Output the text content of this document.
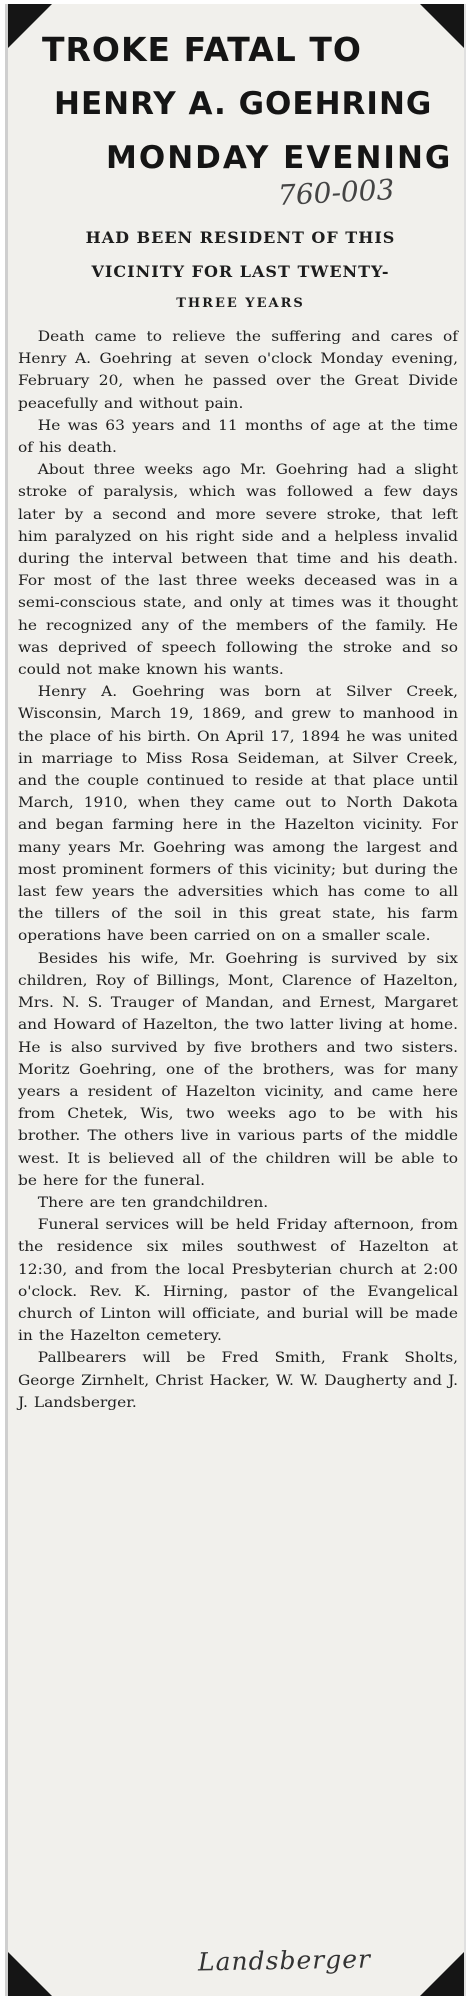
TROKE FATAL TO
HENRY A. GOEHRING
MONDAY EVENING
760-003
HAD BEEN RESIDENT OF THIS
VICINITY FOR LAST TWENTY-
THREE YEARS

Death came to relieve the suffering and cares of Henry A. Goehring at seven o'clock Monday evening, February 20, when he passed over the Great Divide peacefully and without pain.

He was 63 years and 11 months of age at the time of his death.

About three weeks ago Mr. Goehring had a slight stroke of paralysis, which was followed a few days later by a second and more severe stroke, that left him paralyzed on his right side and a helpless invalid during the interval between that time and his death. For most of the last three weeks deceased was in a semi-conscious state, and only at times was it thought he recognized any of the members of the family. He was deprived of speech following the stroke and so could not make known his wants.

Henry A. Goehring was born at Silver Creek, Wisconsin, March 19, 1869, and grew to manhood in the place of his birth. On April 17, 1894 he was united in marriage to Miss Rosa Seideman, at Silver Creek, and the couple continued to reside at that place until March, 1910, when they came out to North Dakota and began farming here in the Hazelton vicinity. For many years Mr. Goehring was among the largest and most prominent formers of this vicinity; but during the last few years the adversities which has come to all the tillers of the soil in this great state, his farm operations have been carried on on a smaller scale.

Besides his wife, Mr. Goehring is survived by six children, Roy of Billings, Mont, Clarence of Hazelton, Mrs. N. S. Trauger of Mandan, and Ernest, Margaret and Howard of Hazelton, the two latter living at home. He is also survived by five brothers and two sisters. Moritz Goehring, one of the brothers, was for many years a resident of Hazelton vicinity, and came here from Chetek, Wis, two weeks ago to be with his brother. The others live in various parts of the middle west. It is believed all of the children will be able to be here for the funeral.

There are ten grandchildren.

Funeral services will be held Friday afternoon, from the residence six miles southwest of Hazelton at 12:30, and from the local Presbyterian church at 2:00 o'clock. Rev. K. Hirning, pastor of the Evangelical church of Linton will officiate, and burial will be made in the Hazelton cemetery.

Pallbearers will be Fred Smith, Frank Sholts, George Zirnhelt, Christ Hacker, W. W. Daugherty and J. J. Landsberger.

Landsberger
